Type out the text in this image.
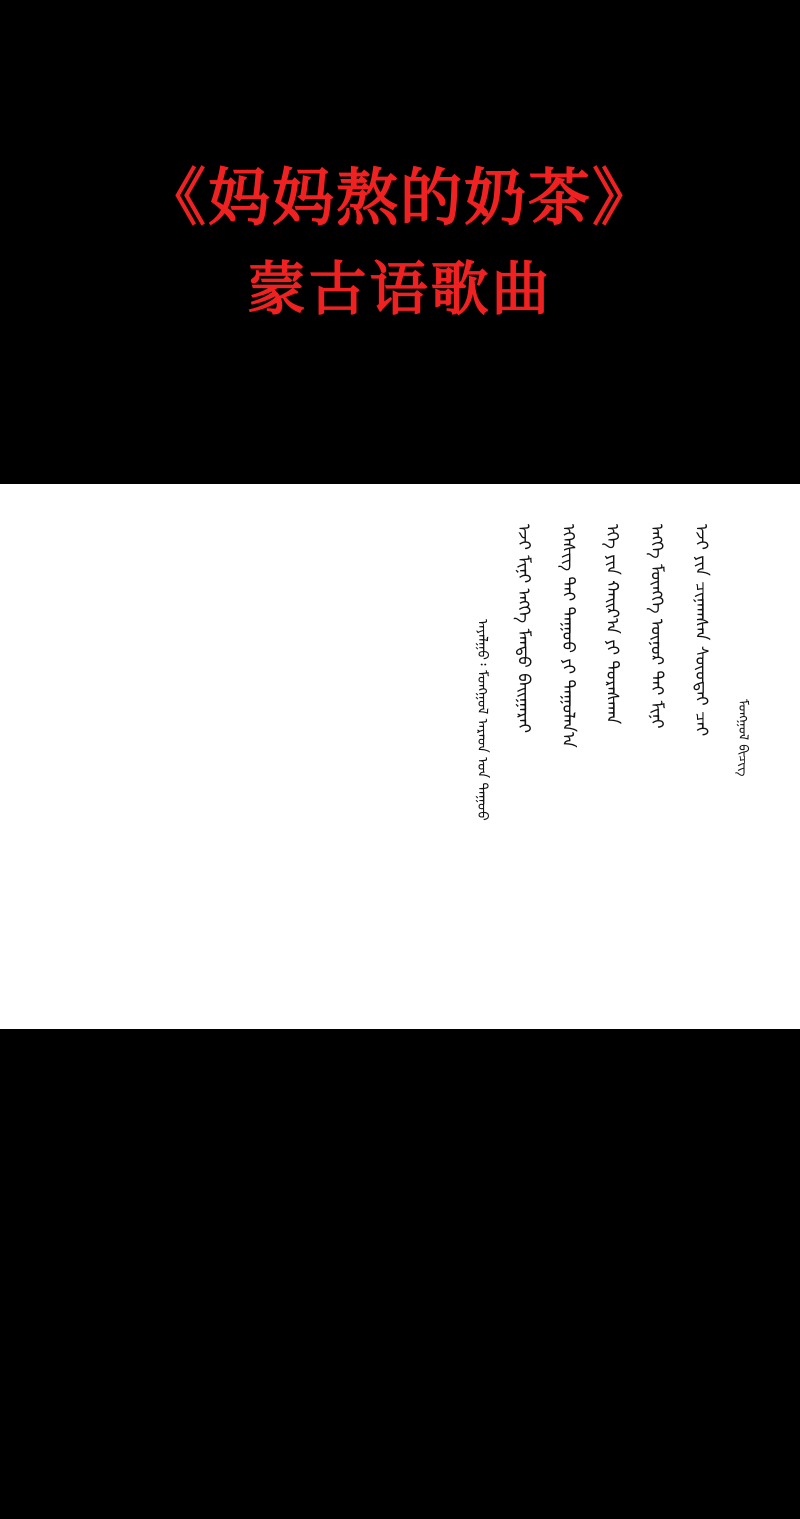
《妈妈熬的奶茶》
蒙古语歌曲
ᠮᠣᠩᠭᠣᠯ ᠪᠢᠴᠢᠭ
ᠡᠵᠢ ᠶᠢᠨ ᠴᠢᠨᠠᠭᠰᠠᠨ ᠰᠦᠦᠲᠡᠢ ᠴᠠᠢ
ᠡᠩᠬᠡ ᠮᠥᠩᠬᠡ ᠦᠨᠦᠷ ᠲᠡᠢ ᠮᠢᠨᠢ
ᠡᠬᠡ ᠶᠢᠨ ᠬᠠᠢᠷ᠎ᠠ ᠶᠢ ᠳᠤᠷᠠᠰᠬᠠᠨ
ᠡᠭᠡᠰᠢᠭ ᠲᠡᠢ ᠳᠠᠭᠤᠤ ᠶᠢ ᠳᠠᠭᠤᠯᠠᠨ᠎ᠠ
ᠡᠵᠢ ᠮᠢᠨᠢ ᠡᠩᠬᠡ ᠮᠡᠨᠳᠦ ᠪᠠᠢᠭᠠᠷᠠᠢ
ᠠᠶᠠᠯᠭᠤ᠄ ᠮᠣᠩᠭᠣᠯ ᠠᠷᠠᠳ ᠤᠨ ᠳᠠᠭᠤᠤ
